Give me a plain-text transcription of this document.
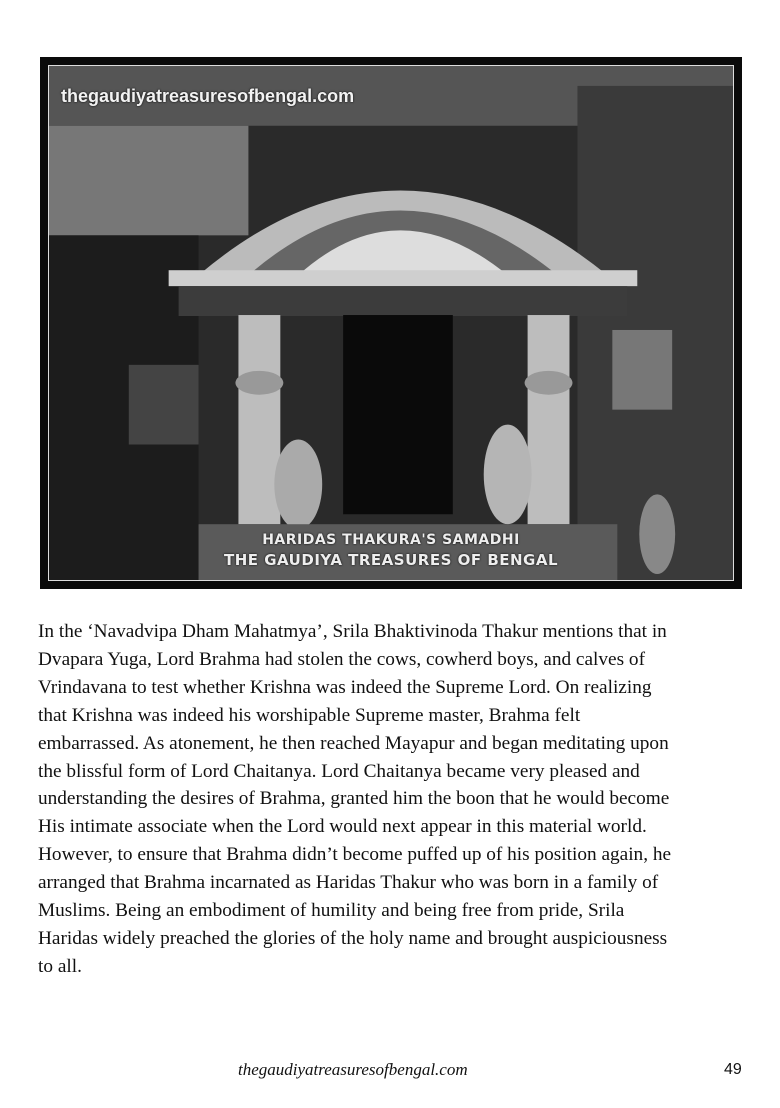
thegaudiyatreasuresofbengal.com
HARIDAS THAKURA'S SAMADHI
THE GAUDIYA TREASURES OF BENGAL
In the ‘Navadvipa Dham Mahatmya’, Srila Bhaktivinoda Thakur mentions that in
Dvapara Yuga, Lord Brahma had stolen the cows, cowherd boys, and calves of
Vrindavana to test whether Krishna was indeed the Supreme Lord. On realizing
that Krishna was indeed his worshipable Supreme master, Brahma felt
embarrassed. As atonement, he then reached Mayapur and began meditating upon
the blissful form of Lord Chaitanya. Lord Chaitanya became very pleased and
understanding the desires of Brahma, granted him the boon that he would become
His intimate associate when the Lord would next appear in this material world.
However, to ensure that Brahma didn’t become puffed up of his position again, he
arranged that Brahma incarnated as Haridas Thakur who was born in a family of
Muslims. Being an embodiment of humility and being free from pride, Srila
Haridas widely preached the glories of the holy name and brought auspiciousness
to all.
thegaudiyatreasuresofbengal.com	49
